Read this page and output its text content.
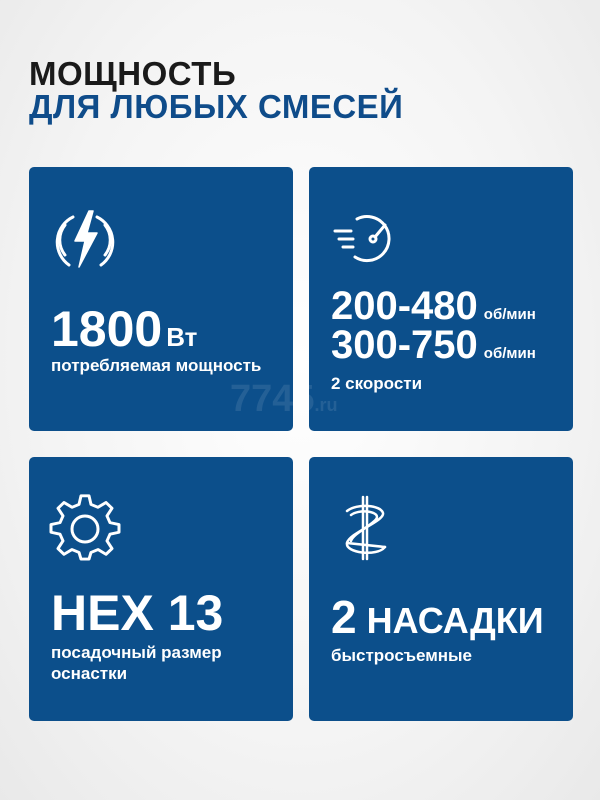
МОЩНОСТЬ
ДЛЯ ЛЮБЫХ СМЕСЕЙ
1800 Вт
потребляемая мощность
200-480 об/мин
300-750 об/мин
2 скорости
HEX 13
посадочный размер оснастки
2 НАСАДКИ
быстросъемные
